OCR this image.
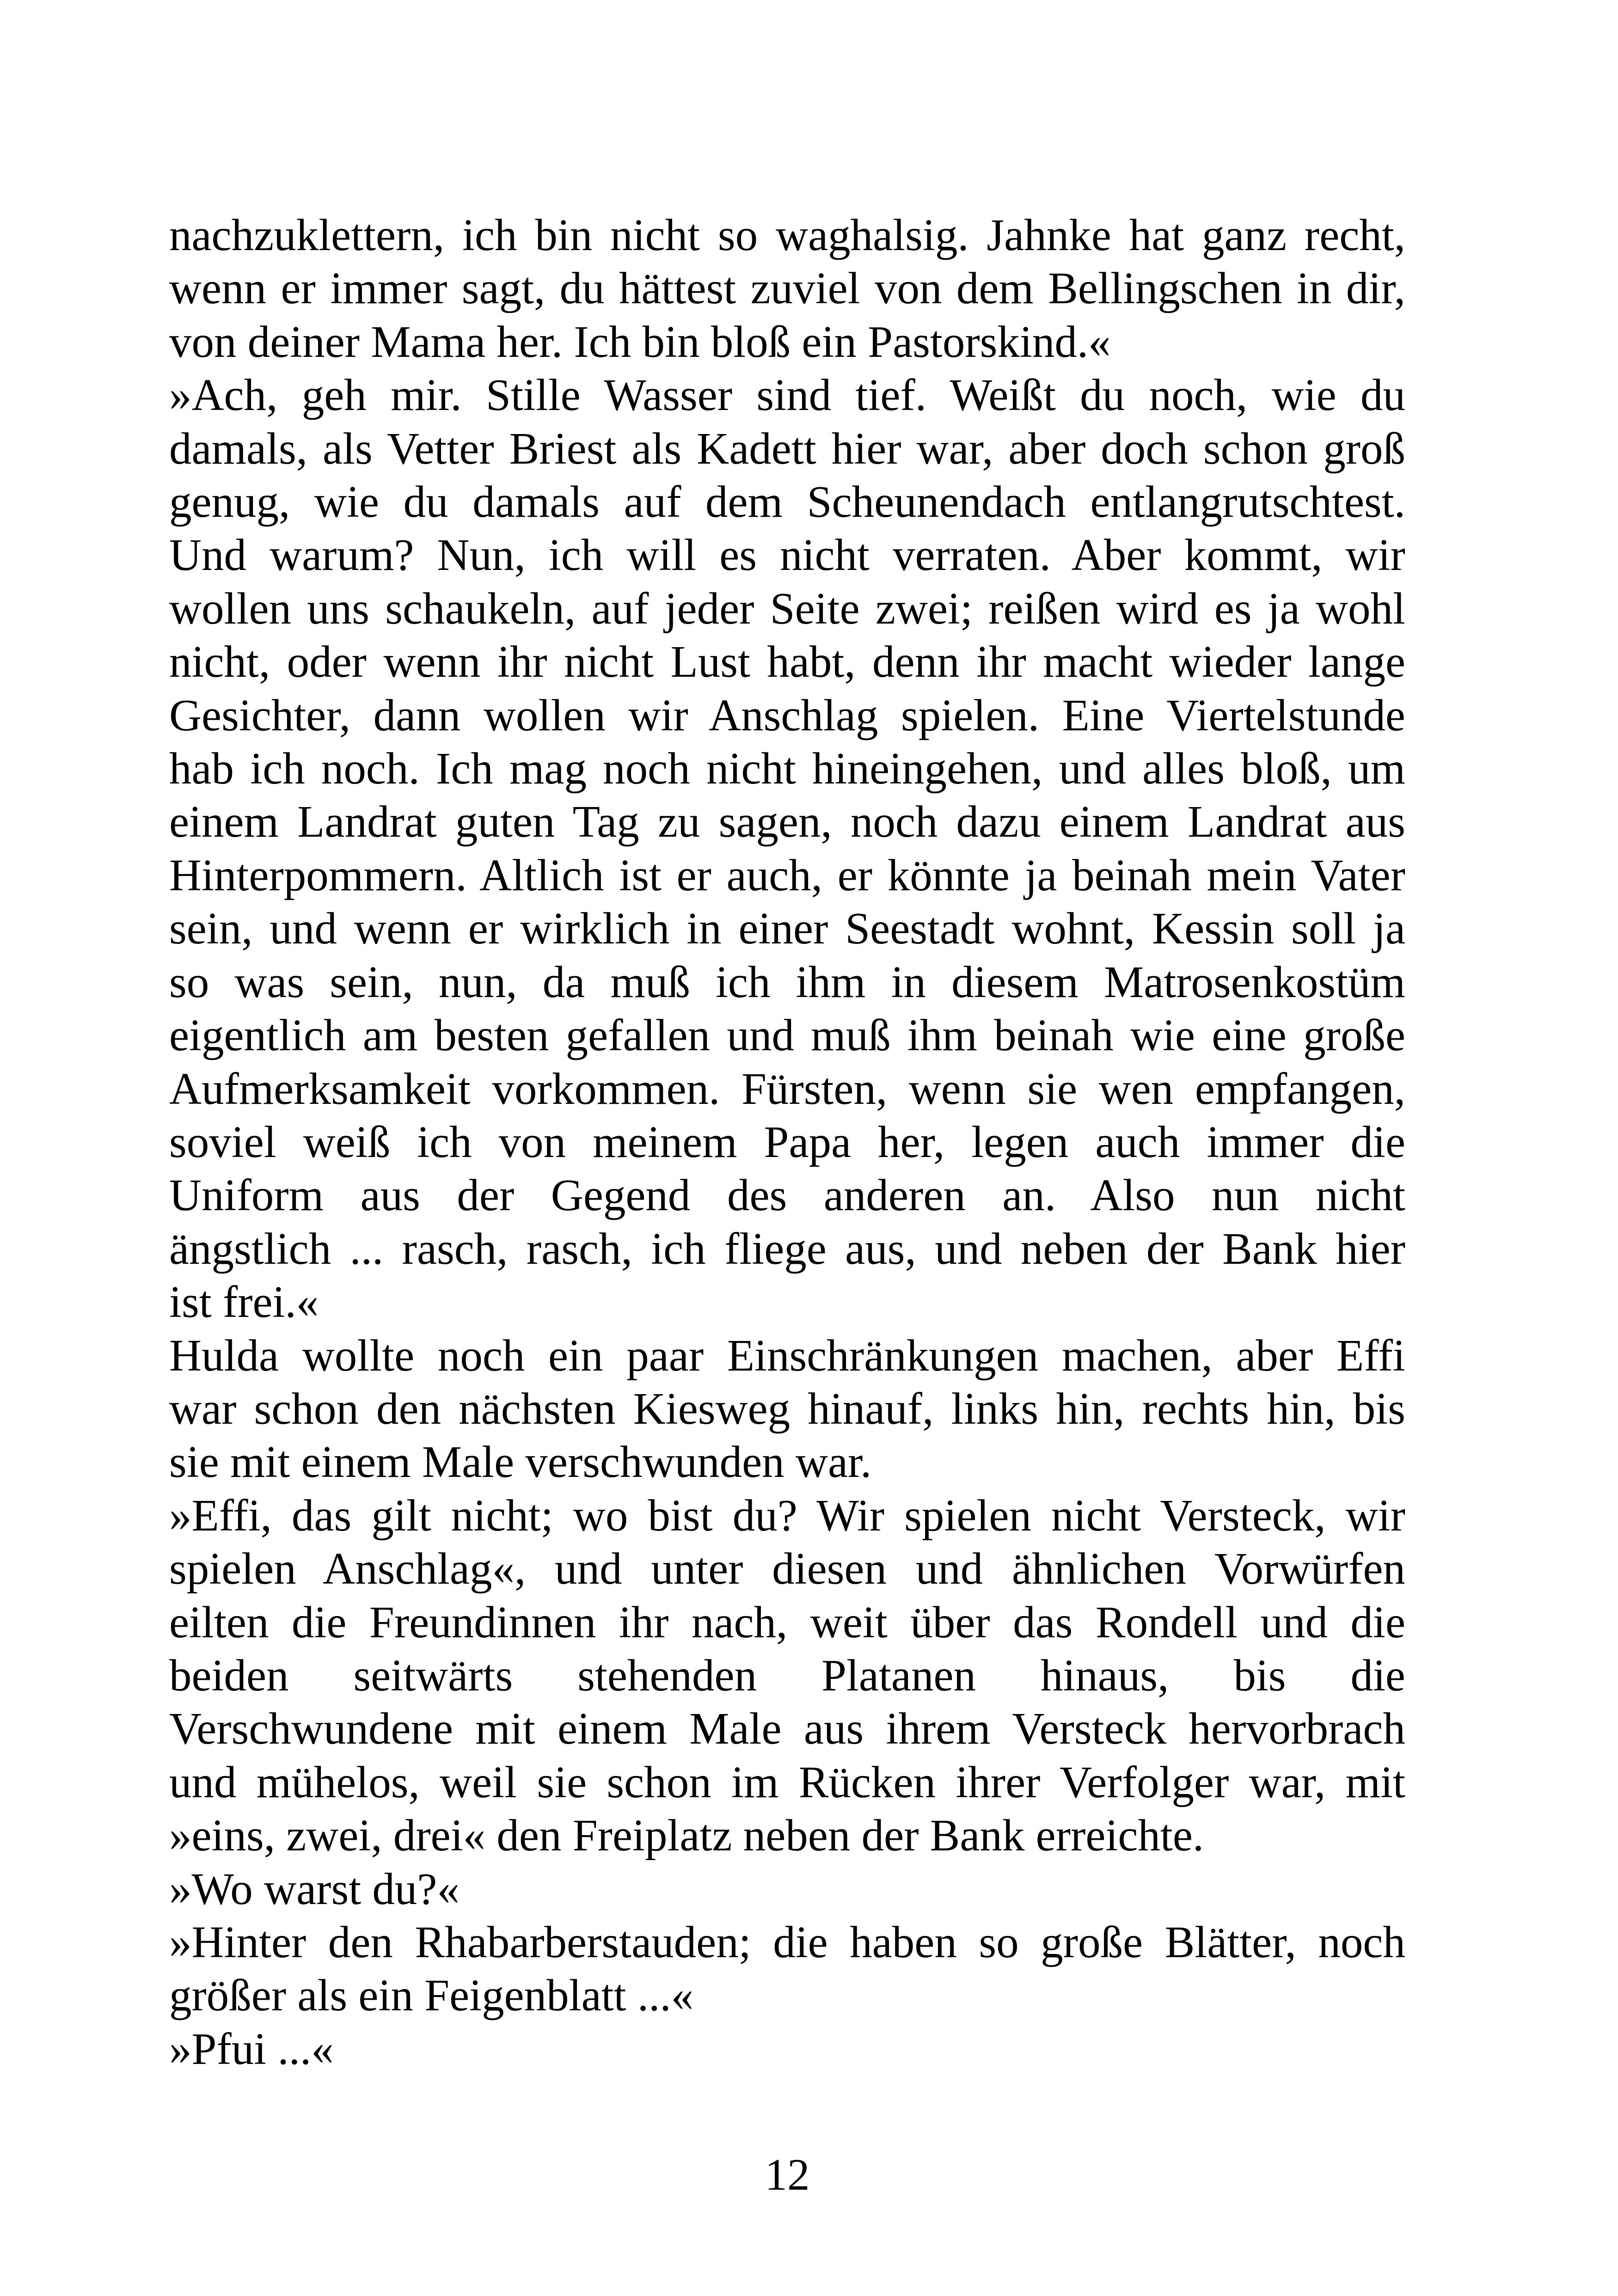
nachzuklettern, ich bin nicht so waghalsig. Jahnke hat ganz recht,
wenn er immer sagt, du hättest zuviel von dem Bellingschen in dir,
von deiner Mama her. Ich bin bloß ein Pastorskind.«
»Ach, geh mir. Stille Wasser sind tief. Weißt du noch, wie du
damals, als Vetter Briest als Kadett hier war, aber doch schon groß
genug, wie du damals auf dem Scheunendach entlangrutschtest.
Und warum? Nun, ich will es nicht verraten. Aber kommt, wir
wollen uns schaukeln, auf jeder Seite zwei; reißen wird es ja wohl
nicht, oder wenn ihr nicht Lust habt, denn ihr macht wieder lange
Gesichter, dann wollen wir Anschlag spielen. Eine Viertelstunde
hab ich noch. Ich mag noch nicht hineingehen, und alles bloß, um
einem Landrat guten Tag zu sagen, noch dazu einem Landrat aus
Hinterpommern. Altlich ist er auch, er könnte ja beinah mein Vater
sein, und wenn er wirklich in einer Seestadt wohnt, Kessin soll ja
so was sein, nun, da muß ich ihm in diesem Matrosenkostüm
eigentlich am besten gefallen und muß ihm beinah wie eine große
Aufmerksamkeit vorkommen. Fürsten, wenn sie wen empfangen,
soviel weiß ich von meinem Papa her, legen auch immer die
Uniform aus der Gegend des anderen an. Also nun nicht
ängstlich ... rasch, rasch, ich fliege aus, und neben der Bank hier
ist frei.«
Hulda wollte noch ein paar Einschränkungen machen, aber Effi
war schon den nächsten Kiesweg hinauf, links hin, rechts hin, bis
sie mit einem Male verschwunden war.
»Effi, das gilt nicht; wo bist du? Wir spielen nicht Versteck, wir
spielen Anschlag«, und unter diesen und ähnlichen Vorwürfen
eilten die Freundinnen ihr nach, weit über das Rondell und die
beiden seitwärts stehenden Platanen hinaus, bis die
Verschwundene mit einem Male aus ihrem Versteck hervorbrach
und mühelos, weil sie schon im Rücken ihrer Verfolger war, mit
»eins, zwei, drei« den Freiplatz neben der Bank erreichte.
»Wo warst du?«
»Hinter den Rhabarberstauden; die haben so große Blätter, noch
größer als ein Feigenblatt ...«
»Pfui ...«
12
